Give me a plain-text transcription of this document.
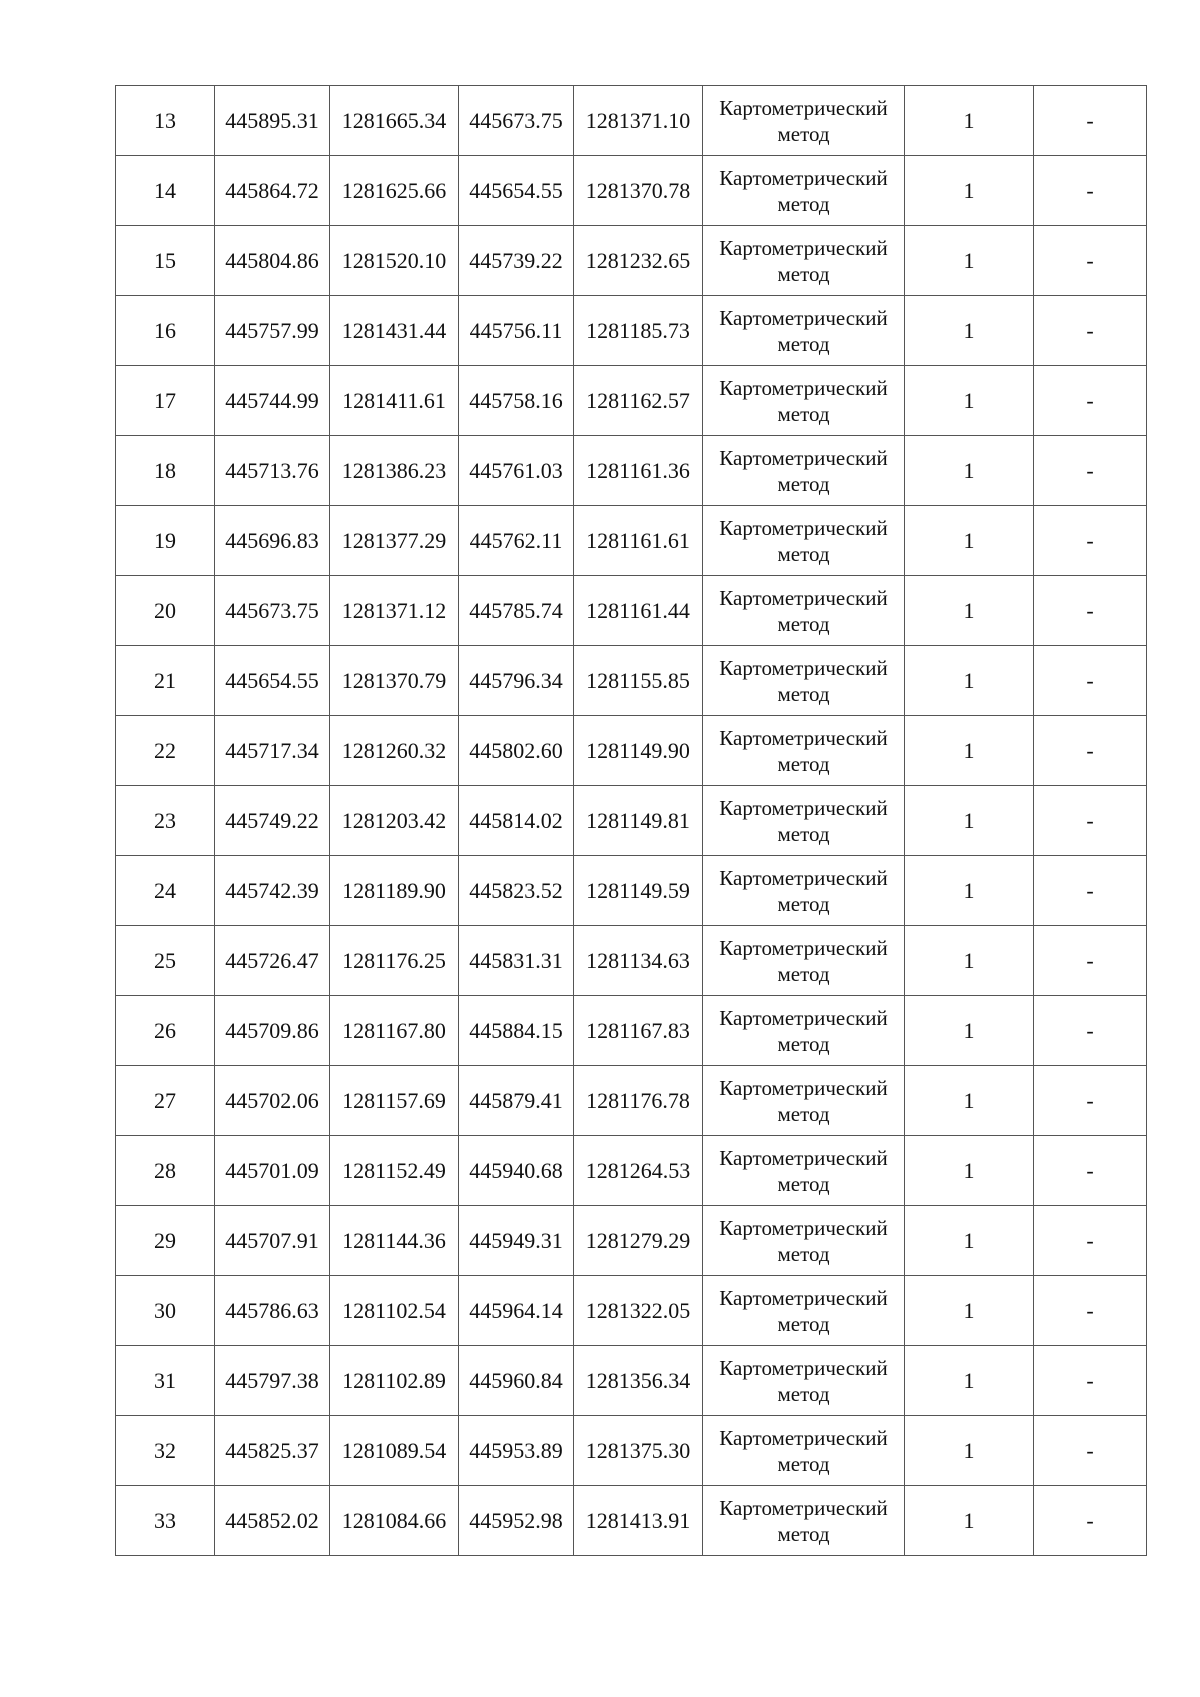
13	445895.31	1281665.34	445673.75	1281371.10	Картометрический
метод	1	-
14	445864.72	1281625.66	445654.55	1281370.78	Картометрический
метод	1	-
15	445804.86	1281520.10	445739.22	1281232.65	Картометрический
метод	1	-
16	445757.99	1281431.44	445756.11	1281185.73	Картометрический
метод	1	-
17	445744.99	1281411.61	445758.16	1281162.57	Картометрический
метод	1	-
18	445713.76	1281386.23	445761.03	1281161.36	Картометрический
метод	1	-
19	445696.83	1281377.29	445762.11	1281161.61	Картометрический
метод	1	-
20	445673.75	1281371.12	445785.74	1281161.44	Картометрический
метод	1	-
21	445654.55	1281370.79	445796.34	1281155.85	Картометрический
метод	1	-
22	445717.34	1281260.32	445802.60	1281149.90	Картометрический
метод	1	-
23	445749.22	1281203.42	445814.02	1281149.81	Картометрический
метод	1	-
24	445742.39	1281189.90	445823.52	1281149.59	Картометрический
метод	1	-
25	445726.47	1281176.25	445831.31	1281134.63	Картометрический
метод	1	-
26	445709.86	1281167.80	445884.15	1281167.83	Картометрический
метод	1	-
27	445702.06	1281157.69	445879.41	1281176.78	Картометрический
метод	1	-
28	445701.09	1281152.49	445940.68	1281264.53	Картометрический
метод	1	-
29	445707.91	1281144.36	445949.31	1281279.29	Картометрический
метод	1	-
30	445786.63	1281102.54	445964.14	1281322.05	Картометрический
метод	1	-
31	445797.38	1281102.89	445960.84	1281356.34	Картометрический
метод	1	-
32	445825.37	1281089.54	445953.89	1281375.30	Картометрический
метод	1	-
33	445852.02	1281084.66	445952.98	1281413.91	Картометрический
метод	1	-
